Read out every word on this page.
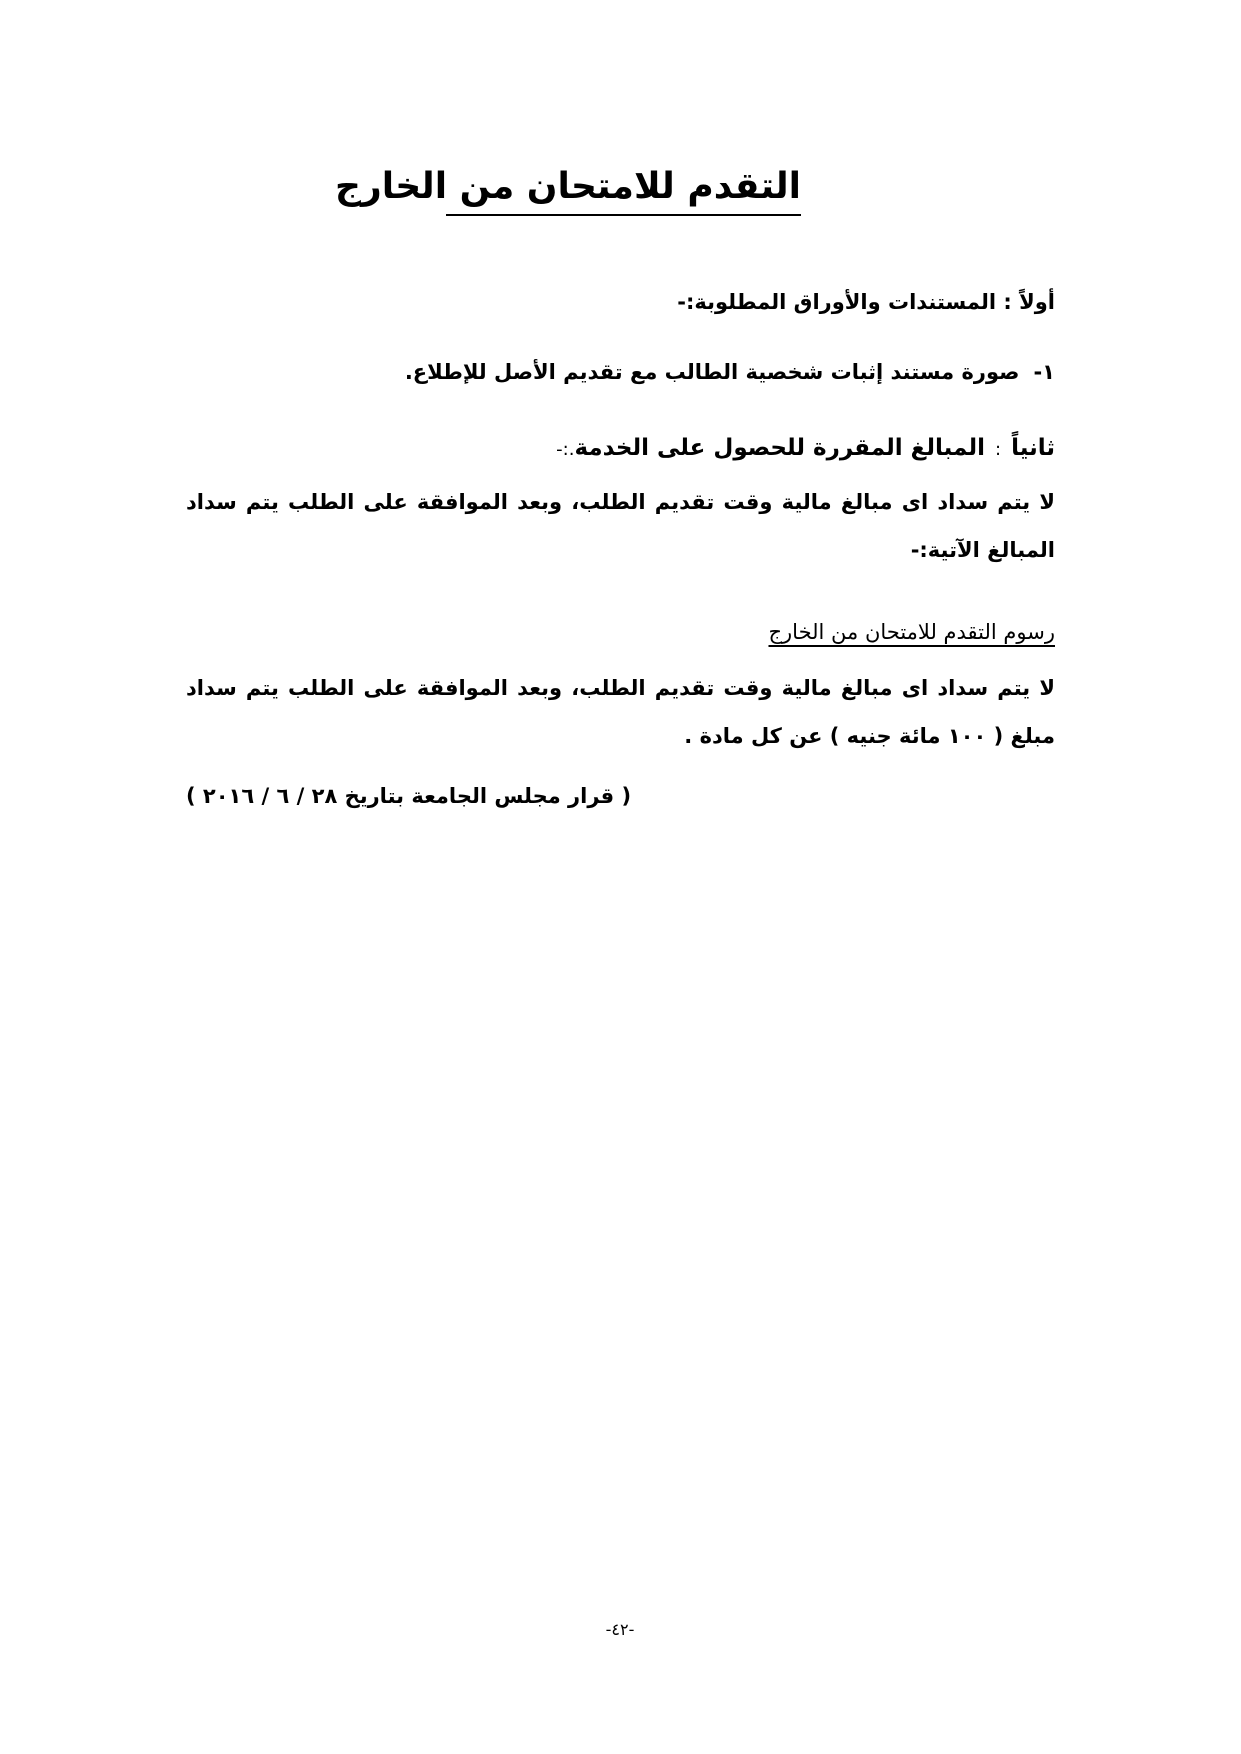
التقدم للامتحان من الخارج
أولاً : المستندات والأوراق المطلوبة:-
١-صورة مستند إثبات شخصية الطالب مع تقديم الأصل للإطلاع.
ثانياً:المبالغ المقررة للحصول على الخدمة.:-
لا يتم سداد اى مبالغ مالية وقت تقديم الطلب، وبعد الموافقة على الطلب يتم سداد
المبالغ الآتية:-
رسوم التقدم للامتحان من الخارج
لا يتم سداد اى مبالغ مالية وقت تقديم الطلب، وبعد الموافقة على الطلب يتم سداد
مبلغ ( ١٠٠ مائة جنيه ) عن كل مادة .
( قرار مجلس الجامعة بتاريخ ٢٨ / ٦ / ٢٠١٦ )
-٤٢-
